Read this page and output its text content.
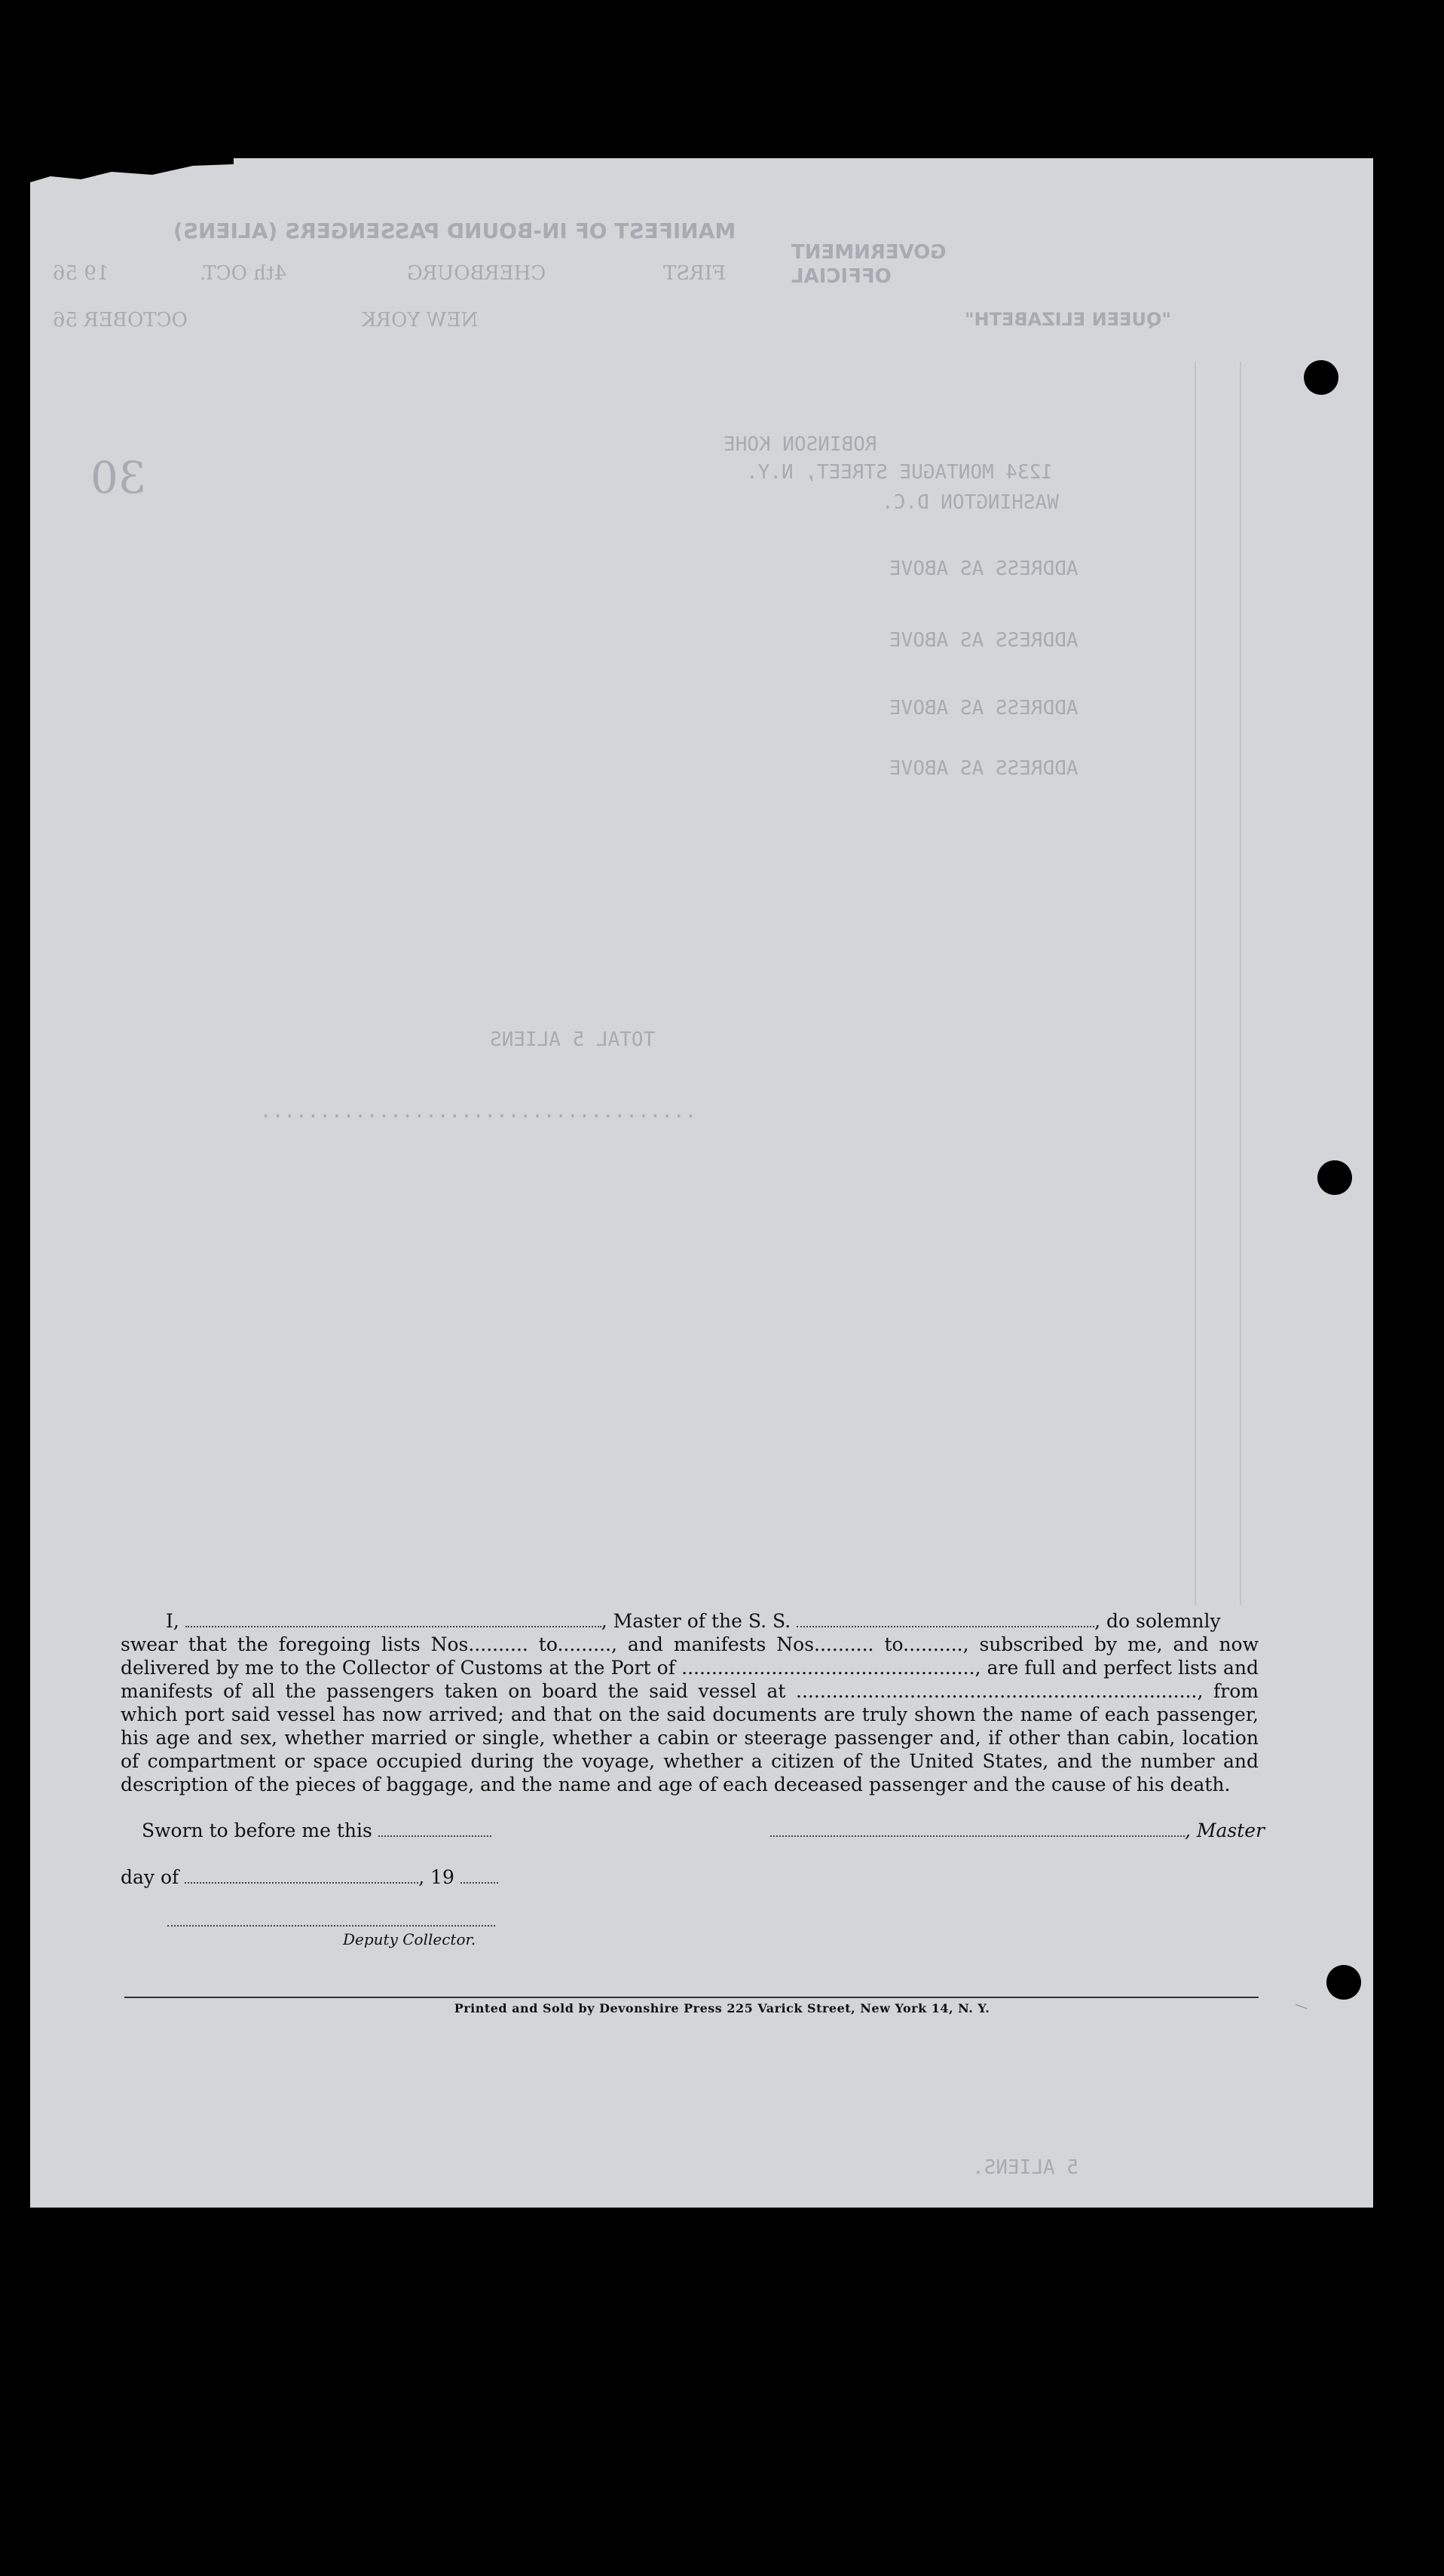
MANIFEST OF IN-BOUND PASSENGERS (ALIENS)
"QUEEN ELIZABETH"
CHERBOURG
4th OCT.
19 56
NEW YORK
OCTOBER 56
FIRST
GOVERNMENT
OFFICIAL
30
ROBINSON KOHE
1234 MONTAGUE STREET, N.Y.
WASHINGTON D.C.
ADDRESS AS ABOVE
ADDRESS AS ABOVE
ADDRESS AS ABOVE
ADDRESS AS ABOVE
TOTAL 5 ALIENS
.....................................
5 ALIENS.

I,	, Master of the S. S.	, do solemnly

swear that the foregoing lists Nos.......... to........., and manifests Nos.......... to.........., subscribed by me, and now delivered by me to the Collector of Customs at the Port of ................................................., are full and perfect lists and manifests of all the passengers taken on board the said vessel at ..................................................................., from which port said vessel has now arrived; and that on the said documents are truly shown the name of each passenger, his age and sex, whether married or single, whether a cabin or steerage passenger and, if other than cabin, location of compartment or space occupied during the voyage, whether a citizen of the United States, and the number and description of the pieces of baggage, and the name and age of each deceased passenger and the cause of his death.

Sworn to before me this	, Master
day of	, 19
Deputy Collector.
Printed and Sold by Devonshire Press 225 Varick Street, New York 14, N. Y.	—
